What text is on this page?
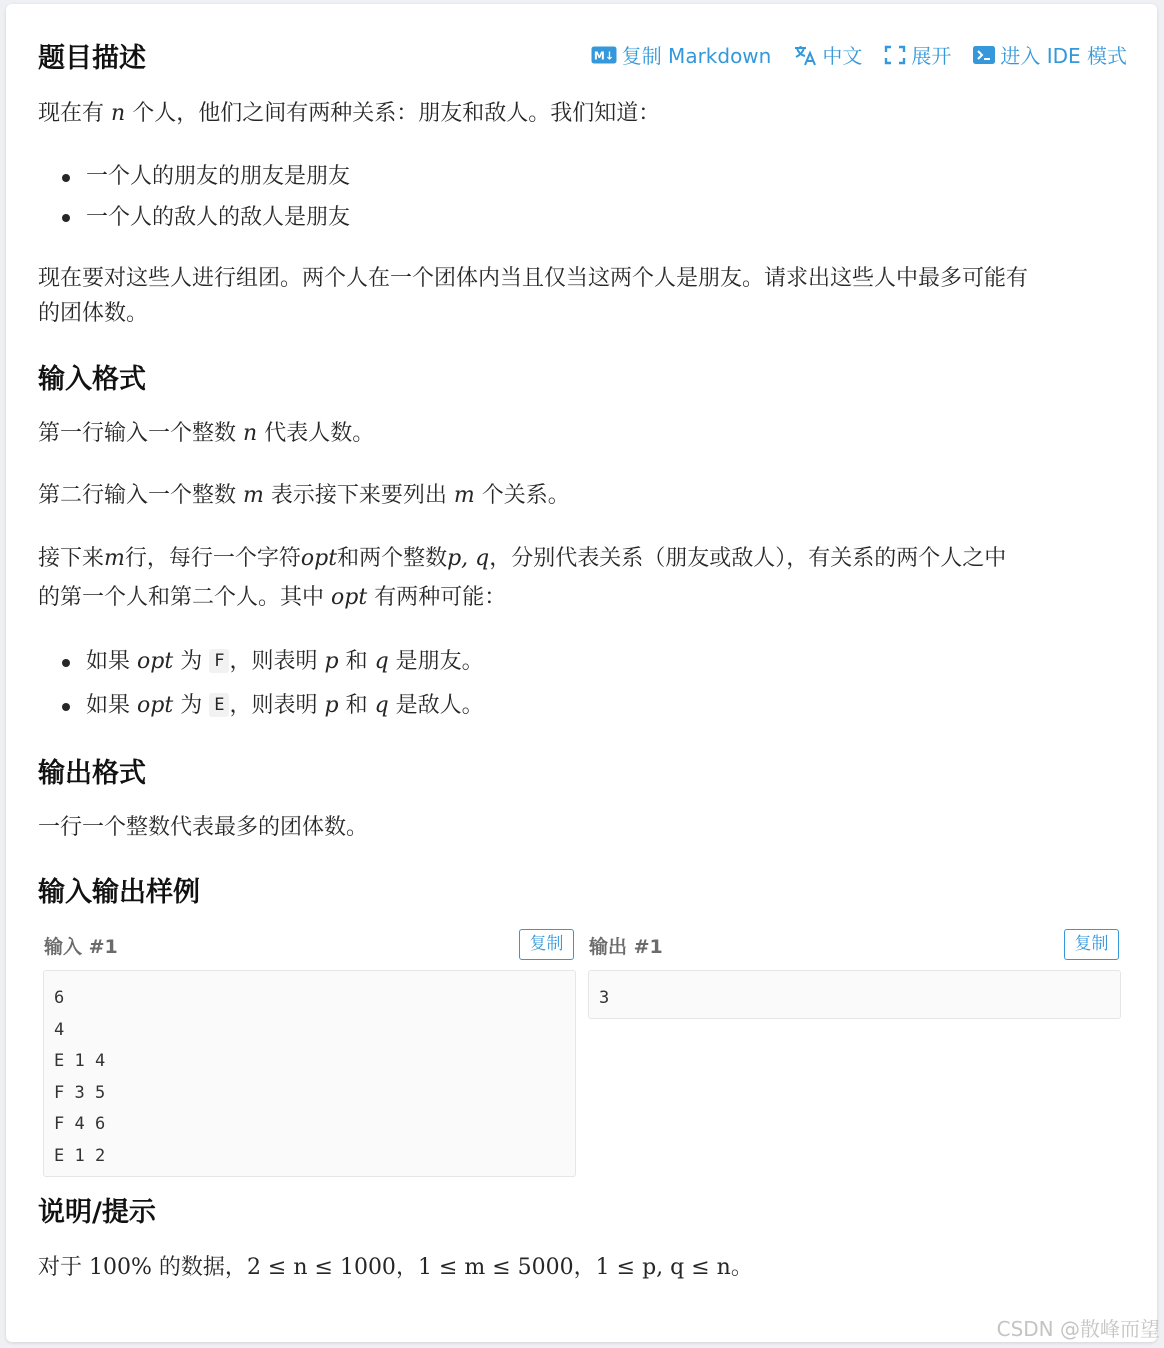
M↓ 复制 Markdown	中文 展开 进入 IDE 模式
题目描述
现在有 n 个人，他们之间有两种关系：朋友和敌人。我们知道：
一个人的朋友的朋友是朋友
一个人的敌人的敌人是朋友
现在要对这些人进行组团。两个人在一个团体内当且仅当这两个人是朋友。请求出这些人中最多可能有
的团体数。
输入格式
第一行输入一个整数 n 代表人数。
第二行输入一个整数 m 表示接下来要列出 m 个关系。
接下来m行，每行一个字符opt和两个整数p, q，分别代表关系（朋友或敌人），有关系的两个人之中
的第一个人和第二个人。其中 opt 有两种可能：
如果 opt 为 F ，则表明 p 和 q 是朋友。
如果 opt 为 E ，则表明 p 和 q 是敌人。
输出格式
一行一个整数代表最多的团体数。
输入输出样例
输入 #1	复制	输出 #1	复制
6
4
E 1 4
F 3 5
F 4 6
E 1 2
3
说明/提示
对于 100% 的数据，2 ≤ n ≤ 1000，1 ≤ m ≤ 5000，1 ≤ p, q ≤ n。
CSDN @散峰而望
